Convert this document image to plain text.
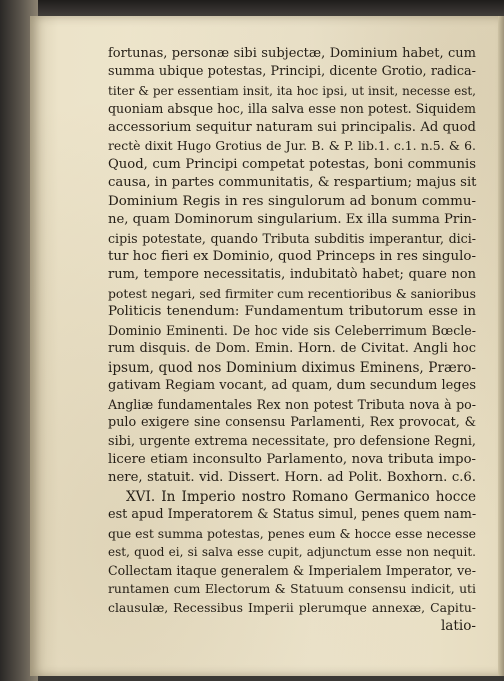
fortunas, personæ sibi subjectæ, Dominium habet, cum
summa ubique potestas, Principi, dicente Grotio, radica-
titer & per essentiam insit, ita hoc ipsi, ut insit, necesse est,
quoniam absque hoc, illa salva esse non potest. Siquidem
accessorium sequitur naturam sui principalis. Ad quod
rectè dixit Hugo Grotius de Jur. B. & P. lib.1. c.1. n.5. & 6.
Quod, cum Principi competat potestas, boni communis
causa, in partes communitatis, & respartium; majus sit
Dominium Regis in res singulorum ad bonum commu-
ne, quam Dominorum singularium. Ex illa summa Prin-
cipis potestate, quando Tributa subditis imperantur, dici-
tur hoc fieri ex Dominio, quod Princeps in res singulo-
rum, tempore necessitatis, indubitatò habet; quare non
potest negari, sed firmiter cum recentioribus & sanioribus
Politicis tenendum: Fundamentum tributorum esse in
Dominio Eminenti. De hoc vide sis Celeberrimum Bœcle-
rum disquis. de Dom. Emin. Horn. de Civitat. Angli hoc
ipsum, quod nos Dominium diximus Eminens, Præro-
gativam Regiam vocant, ad quam, dum secundum leges
Angliæ fundamentales Rex non potest Tributa nova à po-
pulo exigere sine consensu Parlamenti, Rex provocat, &
sibi, urgente extrema necessitate, pro defensione Regni,
licere etiam inconsulto Parlamento, nova tributa impo-
nere, statuit. vid. Dissert. Horn. ad Polit. Boxhorn. c.6.
XVI. In Imperio nostro Romano Germanico hocce
est apud Imperatorem & Status simul, penes quem nam-
que est summa potestas, penes eum & hocce esse necesse
est, quod ei, si salva esse cupit, adjunctum esse non nequit.
Collectam itaque generalem & Imperialem Imperator, ve-
runtamen cum Electorum & Statuum consensu indicit, uti
clausulæ, Recessibus Imperii plerumque annexæ, Capitu-
latio-
